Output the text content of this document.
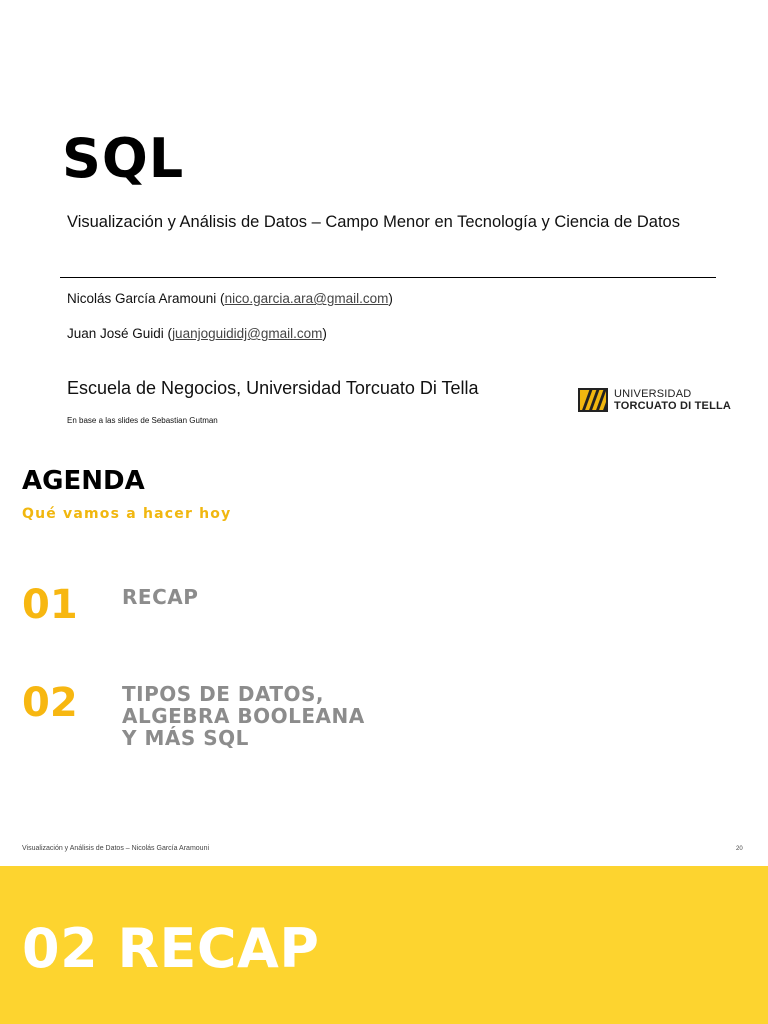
SQL
Visualización y Análisis de Datos – Campo Menor en Tecnología y Ciencia de Datos
Nicolás García Aramouni (nico.garcia.ara@gmail.com)
Juan José Guidi (juanjoguididj@gmail.com)
Escuela de Negocios, Universidad Torcuato Di Tella
En base a las slides de Sebastian Gutman
UNIVERSIDAD
TORCUATO DI TELLA
AGENDA
Qué vamos a hacer hoy
01 RECAP
02 TIPOS DE DATOS, ALGEBRA BOOLEANA Y MÁS SQL
Visualización y Análisis de Datos – Nicolás García Aramouni	20
02 RECAP
